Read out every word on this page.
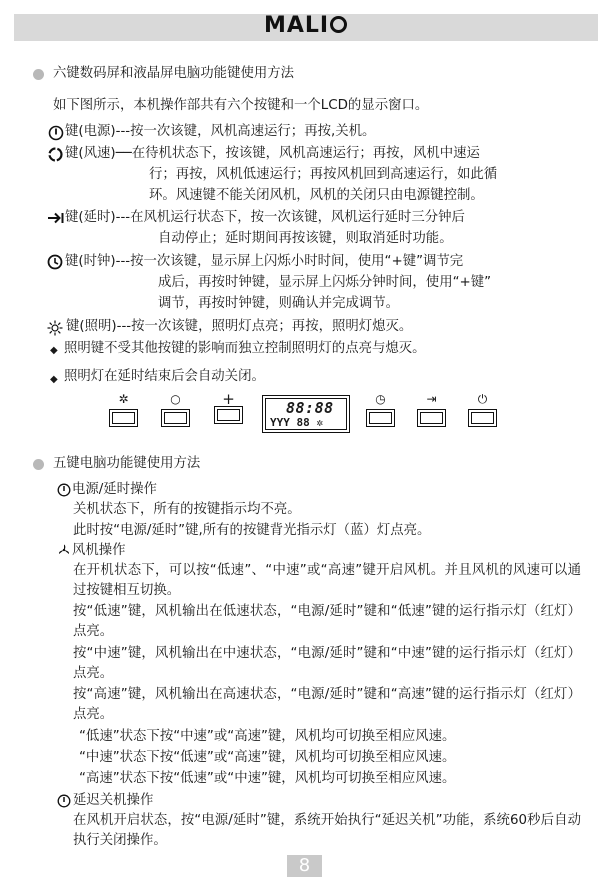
MALI
六键数码屏和液晶屏电脑功能键使用方法
如下图所示，本机操作部共有六个按键和一个LCD的显示窗口。
键(电源)---按一次该键，风机高速运行；再按,关机。
键(风速)──在待机状态下，按该键，风机高速运行；再按，风机中速运
行；再按，风机低速运行；再按风机回到高速运行，如此循
环。风速键不能关闭风机，风机的关闭只由电源键控制。
键(延时)---在风机运行状态下，按一次该键，风机运行延时三分钟后
自动停止；延时期间再按该键，则取消延时功能。
键(时钟)---按一次该键，显示屏上闪烁小时时间，使用“+键”调节完
成后，再按时钟键，显示屏上闪烁分钟时间，使用“+键”
调节，再按时钟键，则确认并完成调节。
键(照明)---按一次该键，照明灯点亮；再按，照明灯熄灭。
◆ 照明键不受其他按键的影响而独立控制照明灯的点亮与熄灭。
◆ 照明灯在延时结束后会自动关闭。
✲	○	+	88:88
YYY 88 ✲
◷	⇥	⏻
五键电脑功能键使用方法
电源/延时操作
关机状态下，所有的按键指示均不亮。
此时按“电源/延时”键,所有的按键背光指示灯（蓝）灯点亮。
风机操作
在开机状态下，可以按“低速”、“中速”或“高速”键开启风机。并且风机的风速可以通过按键相互切换。
按“低速”键，风机输出在低速状态，“电源/延时”键和“低速”键的运行指示灯（红灯）点亮。
按“中速”键，风机输出在中速状态，“电源/延时”键和“中速”键的运行指示灯（红灯）点亮。
按“高速”键，风机输出在高速状态，“电源/延时”键和“高速”键的运行指示灯（红灯）点亮。
“低速”状态下按“中速”或“高速”键，风机均可切换至相应风速。
“中速”状态下按“低速”或“高速”键，风机均可切换至相应风速。
“高速”状态下按“低速”或“中速”键，风机均可切换至相应风速。
延迟关机操作
在风机开启状态，按“电源/延时”键，系统开始执行“延迟关机”功能，系统60秒后自动执行关闭操作。
8
